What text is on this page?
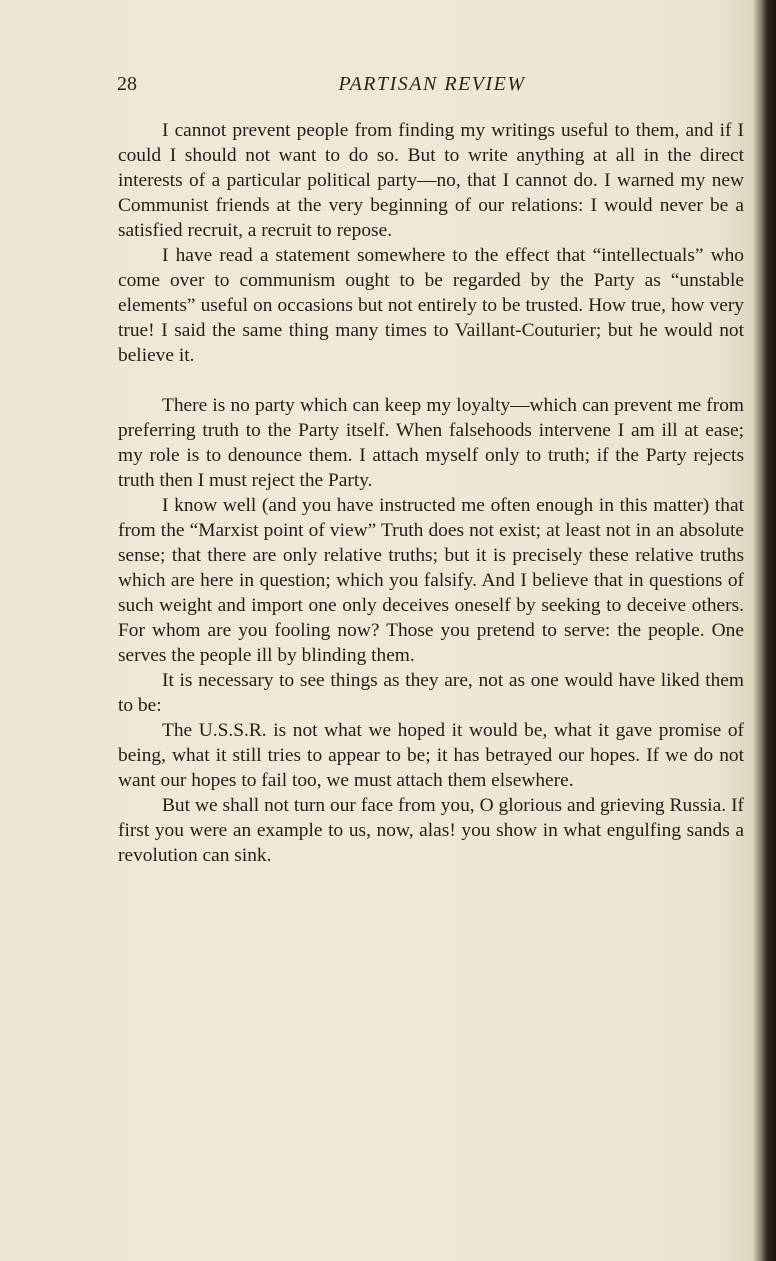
28	PARTISAN REVIEW

I cannot prevent people from finding my writings useful to them, and if I could I should not want to do so. But to write anything at all in the direct interests of a particular political party—no, that I cannot do. I warned my new Communist friends at the very beginning of our relations: I would never be a satisfied recruit, a recruit to repose.

I have read a statement somewhere to the effect that “intellectuals” who come over to communism ought to be regarded by the Party as “unstable elements” useful on occasions but not entirely to be trusted. How true, how very true! I said the same thing many times to Vaillant-Couturier; but he would not believe it.

There is no party which can keep my loyalty—which can prevent me from preferring truth to the Party itself. When falsehoods intervene I am ill at ease; my role is to denounce them. I attach myself only to truth; if the Party rejects truth then I must reject the Party.

I know well (and you have instructed me often enough in this matter) that from the “Marxist point of view” Truth does not exist; at least not in an absolute sense; that there are only relative truths; but it is precisely these relative truths which are here in question; which you falsify. And I believe that in questions of such weight and import one only deceives oneself by seeking to deceive others. For whom are you fooling now? Those you pretend to serve: the people. One serves the people ill by blinding them.

It is necessary to see things as they are, not as one would have liked them to be:

The U.S.S.R. is not what we hoped it would be, what it gave promise of being, what it still tries to appear to be; it has betrayed our hopes. If we do not want our hopes to fail too, we must attach them elsewhere.

But we shall not turn our face from you, O glorious and grieving Russia. If first you were an example to us, now, alas! you show in what engulfing sands a revolution can sink.
